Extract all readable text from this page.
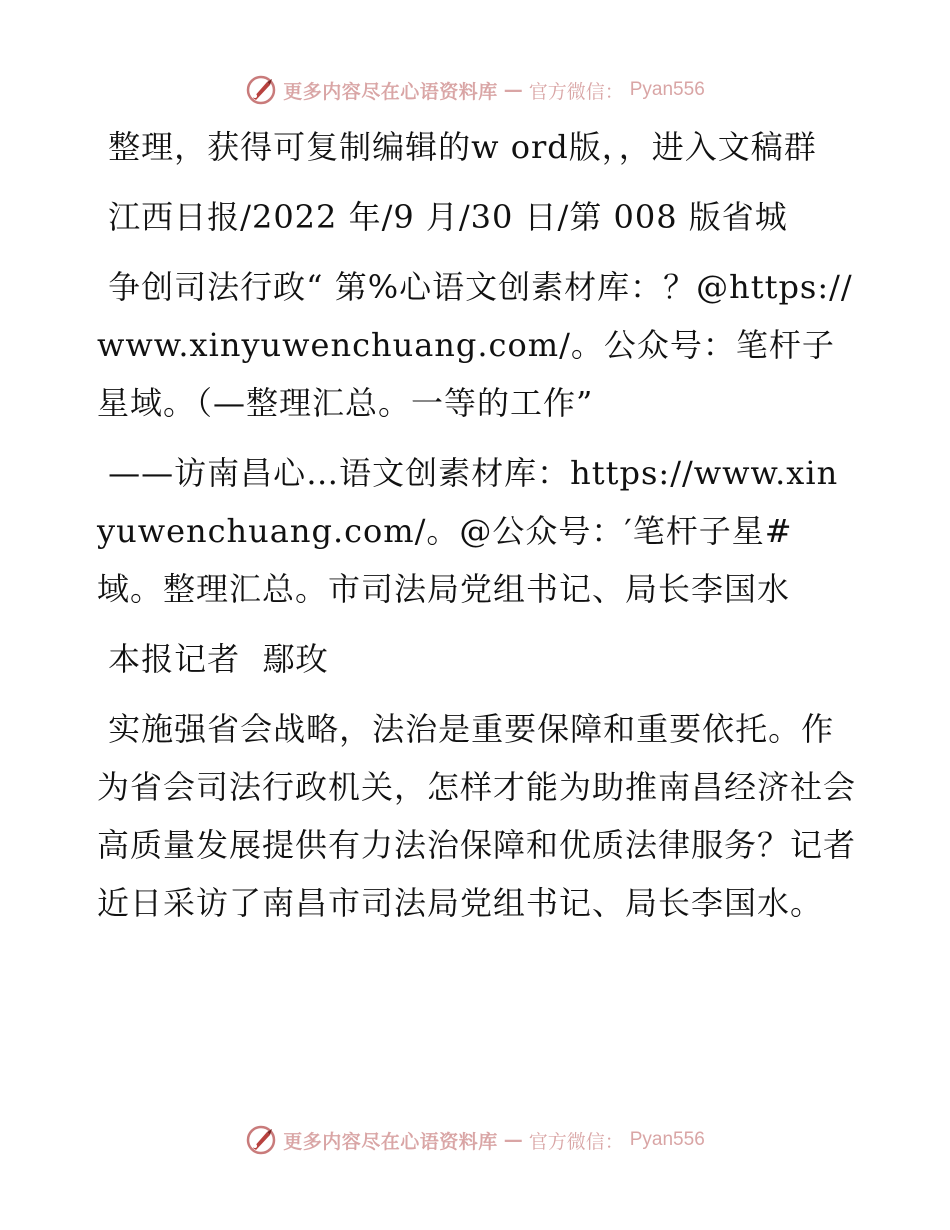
更多内容尽在心语资料库 — 官方微信： Pyan556

整理，获得可复制编辑的w ord版，，进入文稿群

江西日报/2022 年/9 月/30 日/第 008 版省城

争创司法行政“ 第%心语文创素材库：？@https://www.xinyuwenchuang.com/。公众号：笔杆子星域。（—整理汇总。一等的工作”

——访南昌心…语文创素材库：https://www.xinyuwenchuang.com/。@公众号：′笔杆子星#域。整理汇总。市司法局党组书记、局长李国水

本报记者  鄢玫

实施强省会战略，法治是重要保障和重要依托。作为省会司法行政机关，怎样才能为助推南昌经济社会高质量发展提供有力法治保障和优质法律服务？记者近日采访了南昌市司法局党组书记、局长李国水。

更多内容尽在心语资料库 — 官方微信： Pyan556
